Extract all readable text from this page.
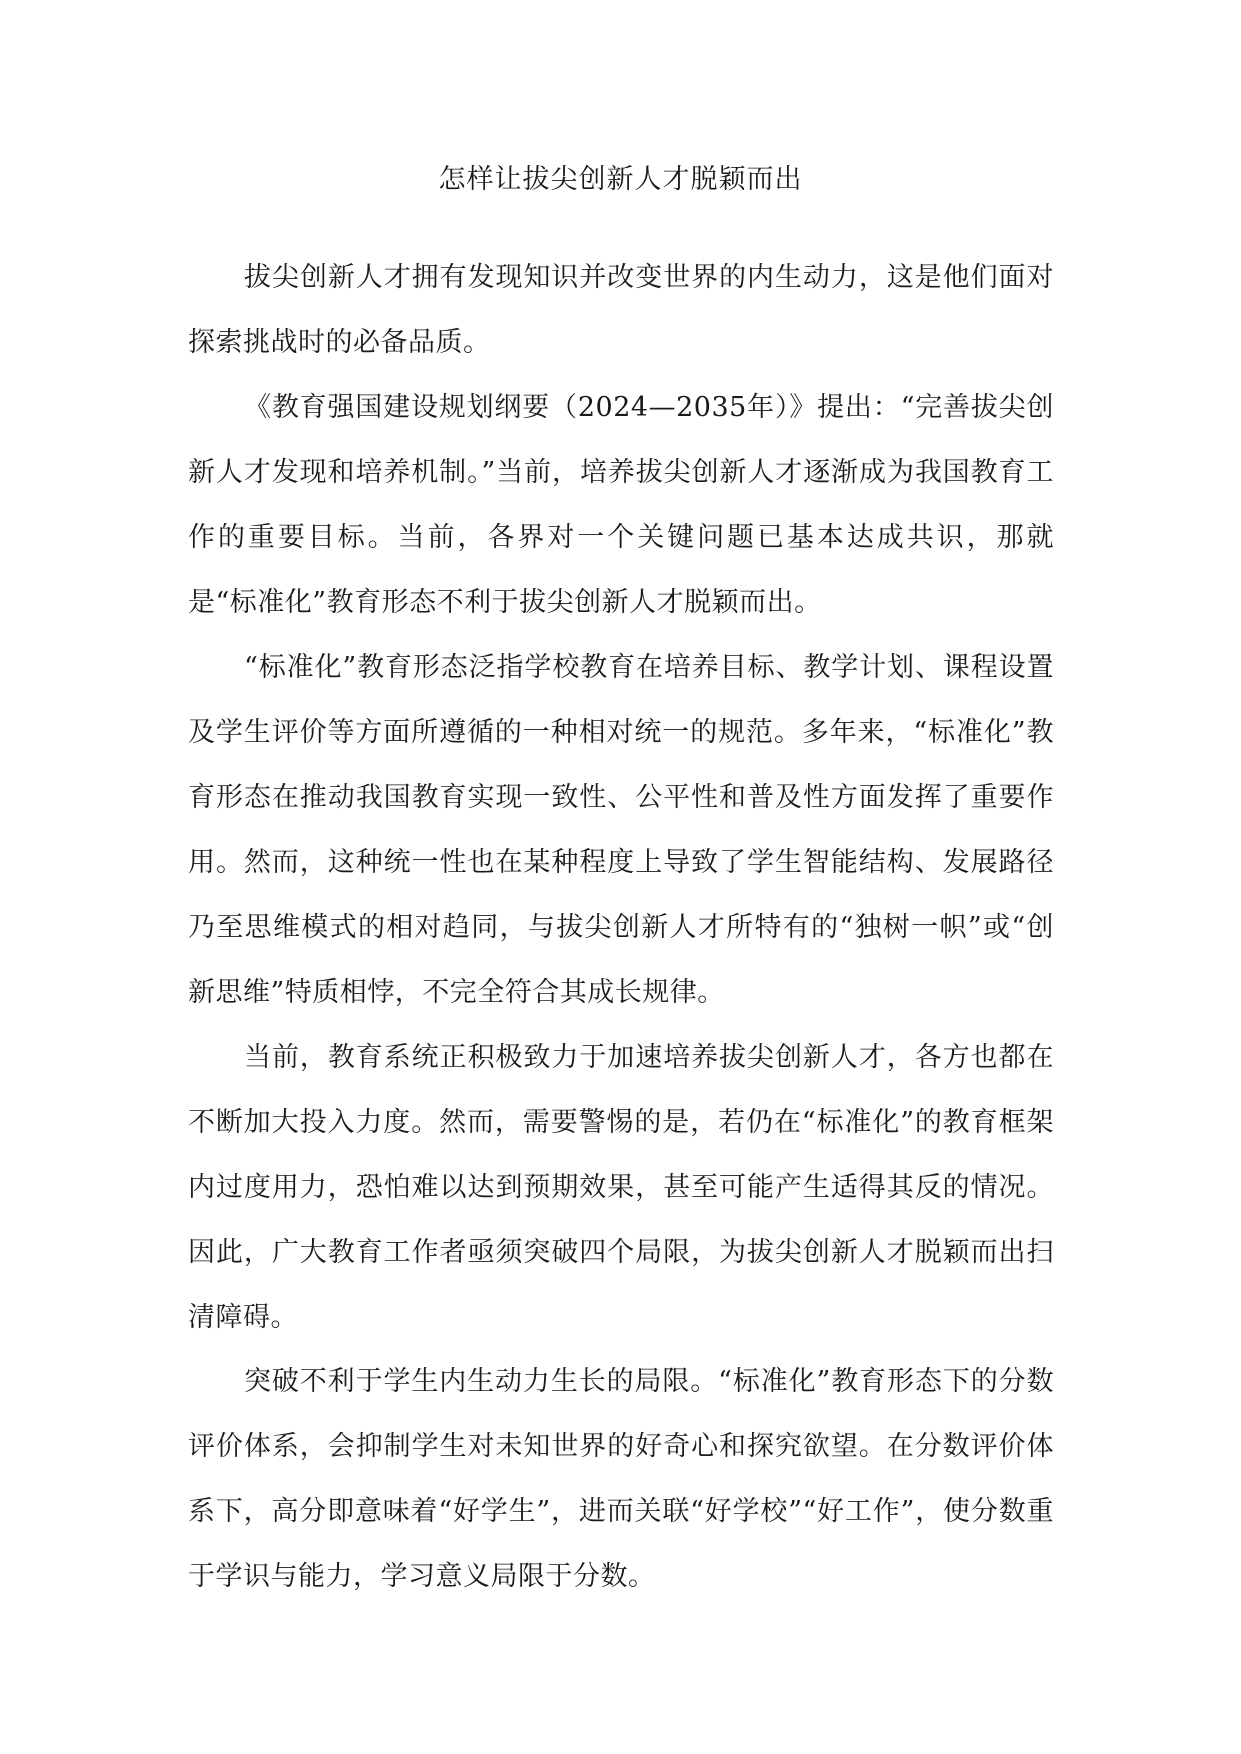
怎样让拔尖创新人才脱颖而出

拔尖创新人才拥有发现知识并改变世界的内生动力，这是他们面对探索挑战时的必备品质。

《教育强国建设规划纲要（2024—2035年）》提出：“完善拔尖创新人才发现和培养机制。”当前，培养拔尖创新人才逐渐成为我国教育工作的重要目标。当前，各界对一个关键问题已基本达成共识，那就是“标准化”教育形态不利于拔尖创新人才脱颖而出。

“标准化”教育形态泛指学校教育在培养目标、教学计划、课程设置及学生评价等方面所遵循的一种相对统一的规范。多年来，“标准化”教育形态在推动我国教育实现一致性、公平性和普及性方面发挥了重要作用。然而，这种统一性也在某种程度上导致了学生智能结构、发展路径乃至思维模式的相对趋同，与拔尖创新人才所特有的“独树一帜”或“创新思维”特质相悖，不完全符合其成长规律。

当前，教育系统正积极致力于加速培养拔尖创新人才，各方也都在不断加大投入力度。然而，需要警惕的是，若仍在“标准化”的教育框架内过度用力，恐怕难以达到预期效果，甚至可能产生适得其反的情况。因此，广大教育工作者亟须突破四个局限，为拔尖创新人才脱颖而出扫清障碍。

突破不利于学生内生动力生长的局限。“标准化”教育形态下的分数评价体系，会抑制学生对未知世界的好奇心和探究欲望。在分数评价体系下，高分即意味着“好学生”，进而关联“好学校”“好工作”，使分数重于学识与能力，学习意义局限于分数。
